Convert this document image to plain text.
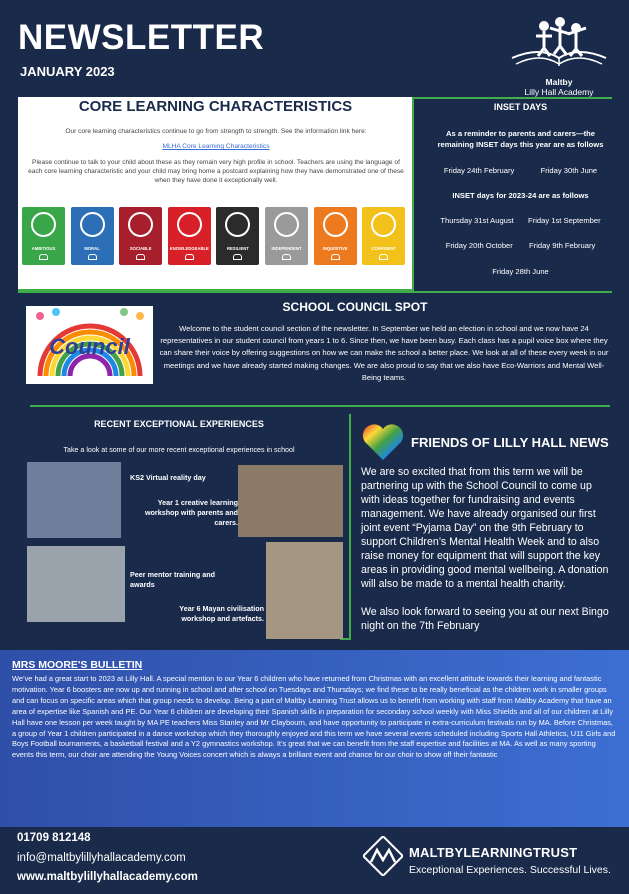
NEWSLETTER
JANUARY 2023
Maltby
Lilly Hall Academy
CORE LEARNING CHARACTERISTICS
Our core learning characteristics continue to go from strength to strength. See the information link here:
MLHA Core Learning Characteristics
Please continue to talk to your child about these as they remain very high profile in school. Teachers are using the language of each core learning characteristic and your child may bring home a postcard explaining how they have demonstrated one of these when they have done it exceptionally well.
AMBITIOUS	MORAL	SOCIABLE	KNOWLEDGEABLE	RESILIENT	INDEPENDENT	INQUISITIVE	CONFIDENT
INSET DAYS
As a reminder to parents and carers—the remaining INSET days this year are as follows
Friday 24th February	Friday 30th June
INSET days for 2023-24 are as follows
Thursday 31st August Friday 1st September
Friday 20th October Friday 9th February
Friday 28th June
Council
SCHOOL COUNCIL SPOT
Welcome to the student council section of the newsletter. In September we held an election in school and we now have 24 representatives in our student council from years 1 to 6. Since then, we have been busy. Each class has a pupil voice box where they can share their voice by offering suggestions on how we can make the school a better place. We look at all of these every week in our meetings and we have already started making changes. We are also proud to say that we also have Eco-Warriors and Mental Well-Being teams.
RECENT EXCEPTIONAL EXPERIENCES
Take a look at some of our more recent exceptional experiences in school
KS2 Virtual reality day
Year 1 creative learning workshop with parents and carers.
Peer mentor training and awards
Year 6 Mayan civilisation workshop and artefacts.
FRIENDS OF LILLY HALL NEWS
We are so excited that from this term we will be partnering up with the School Council to come up with ideas together for fundraising and events management. We have already organised our first joint event “Pyjama Day” on the 9th February to support Children’s Mental Health Week and to also raise money for equipment that will support the key areas in providing good mental wellbeing. A donation will also be made to a mental health charity.
We also look forward to seeing you at our next Bingo night on the 7th February
MRS MOORE'S BULLETIN
We’ve had a great start to 2023 at Lilly Hall. A special mention to our Year 6 children who have returned from Christmas with an excellent attitude towards their learning and fantastic motivation. Year 6 boosters are now up and running in school and after school on Tuesdays and Thursdays; we find these to be really beneficial as the children work in smaller groups and can focus on specific areas which that group needs to develop. Being a part of Maltby Learning Trust allows us to benefit from working with staff from Maltby Academy that have an area of expertise like Spanish and PE. Our Year 6 children are developing their Spanish skills in preparation for secondary school weekly with Miss Shields and all of our children at Lilly Hall have one lesson per week taught by MA PE teachers Miss Stanley and Mr Claybourn, and have opportunity to participate in extra-curriculum festivals run by MA. Before Christmas, a group of Year 1 children participated in a dance workshop which they thoroughly enjoyed and this term we have several events scheduled including Sports Hall Athletics, U11 Girls and Boys Football tournaments, a basketball festival and a Y2 gymnastics workshop. It’s great that we can benefit from the staff expertise and facilities at MA. As well as many sporting events this term, our choir are attending the Young Voices concert which is always a brilliant event and chance for our choir to show off their fantastic
01709 812148
info@maltbylillyhallacademy.com
www.maltbylillyhallacademy.com
MALTBYLEARNINGTRUST
Exceptional Experiences. Successful Lives.
